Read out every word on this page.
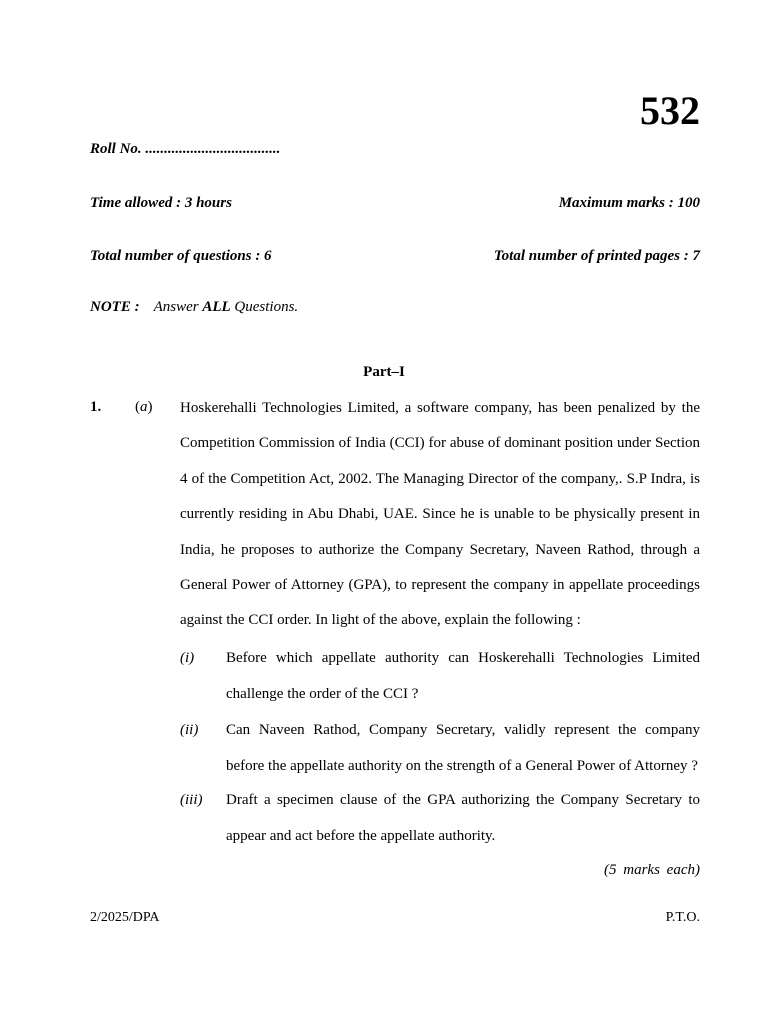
532
Roll No. ....................................
Time allowed : 3 hours	Maximum marks : 100
Total number of questions : 6	Total number of printed pages : 7
NOTE : Answer ALL Questions.
Part–I
1. (a) Hoskerehalli Technologies Limited, a software company, has been penalized by the Competition Commission of India (CCI) for abuse of dominant position under Section 4 of the Competition Act, 2002. The Managing Director of the company,. S.P Indra, is currently residing in Abu Dhabi, UAE. Since he is unable to be physically present in India, he proposes to authorize the Company Secretary, Naveen Rathod, through a General Power of Attorney (GPA), to represent the company in appellate proceedings against the CCI order. In light of the above, explain the following :

(i) Before which appellate authority can Hoskerehalli Technologies Limited challenge the order of the CCI ?

(ii) Can Naveen Rathod, Company Secretary, validly represent the company before the appellate authority on the strength of a General Power of Attorney ?

(iii) Draft a specimen clause of the GPA authorizing the Company Secretary to appear and act before the appellate authority.

(5 marks each)
2/2025/DPA	P.T.O.
